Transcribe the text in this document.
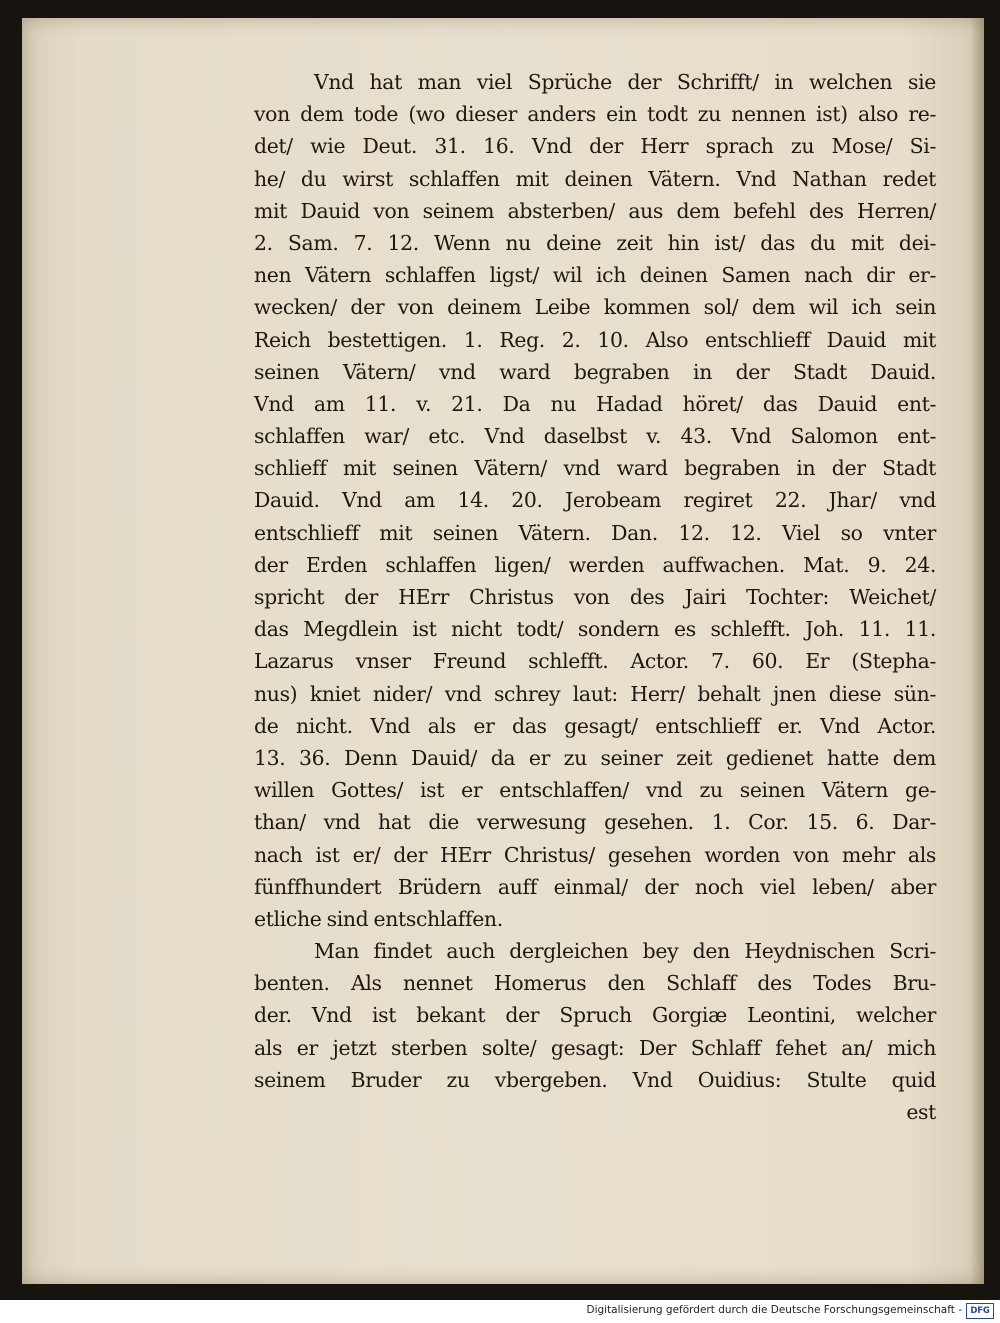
Vnd hat man viel Sprüche der Schrifft/ in welchen sie
von dem tode (wo dieser anders ein todt zu nennen ist) also re-
det/ wie Deut. 31. 16. Vnd der Herr sprach zu Mose/ Si-
he/ du wirst schlaffen mit deinen Vätern. Vnd Nathan redet
mit Dauid von seinem absterben/ aus dem befehl des Herren/
2. Sam. 7. 12. Wenn nu deine zeit hin ist/ das du mit dei-
nen Vätern schlaffen ligst/ wil ich deinen Samen nach dir er-
wecken/ der von deinem Leibe kommen sol/ dem wil ich sein
Reich bestettigen. 1. Reg. 2. 10. Also entschlieff Dauid mit
seinen Vätern/ vnd ward begraben in der Stadt Dauid.
Vnd am 11. v. 21. Da nu Hadad höret/ das Dauid ent-
schlaffen war/ etc. Vnd daselbst v. 43. Vnd Salomon ent-
schlieff mit seinen Vätern/ vnd ward begraben in der Stadt
Dauid. Vnd am 14. 20. Jerobeam regiret 22. Jhar/ vnd
entschlieff mit seinen Vätern. Dan. 12. 12. Viel so vnter
der Erden schlaffen ligen/ werden auffwachen. Mat. 9. 24.
spricht der HErr Christus von des Jairi Tochter: Weichet/
das Megdlein ist nicht todt/ sondern es schlefft. Joh. 11. 11.
Lazarus vnser Freund schlefft. Actor. 7. 60. Er (Stepha-
nus) kniet nider/ vnd schrey laut: Herr/ behalt jnen diese sün-
de nicht. Vnd als er das gesagt/ entschlieff er. Vnd Actor.
13. 36. Denn Dauid/ da er zu seiner zeit gedienet hatte dem
willen Gottes/ ist er entschlaffen/ vnd zu seinen Vätern ge-
than/ vnd hat die verwesung gesehen. 1. Cor. 15. 6. Dar-
nach ist er/ der HErr Christus/ gesehen worden von mehr als
fünffhundert Brüdern auff einmal/ der noch viel leben/ aber
etliche sind entschlaffen.
Man findet auch dergleichen bey den Heydnischen Scri-
benten. Als nennet Homerus den Schlaff des Todes Bru-
der. Vnd ist bekant der Spruch Gorgiæ Leontini, welcher
als er jetzt sterben solte/ gesagt: Der Schlaff fehet an/ mich
seinem Bruder zu vbergeben. Vnd Ouidius: Stulte quid
est
Digitalisierung gefördert durch die Deutsche Forschungsgemeinschaft - DFG
